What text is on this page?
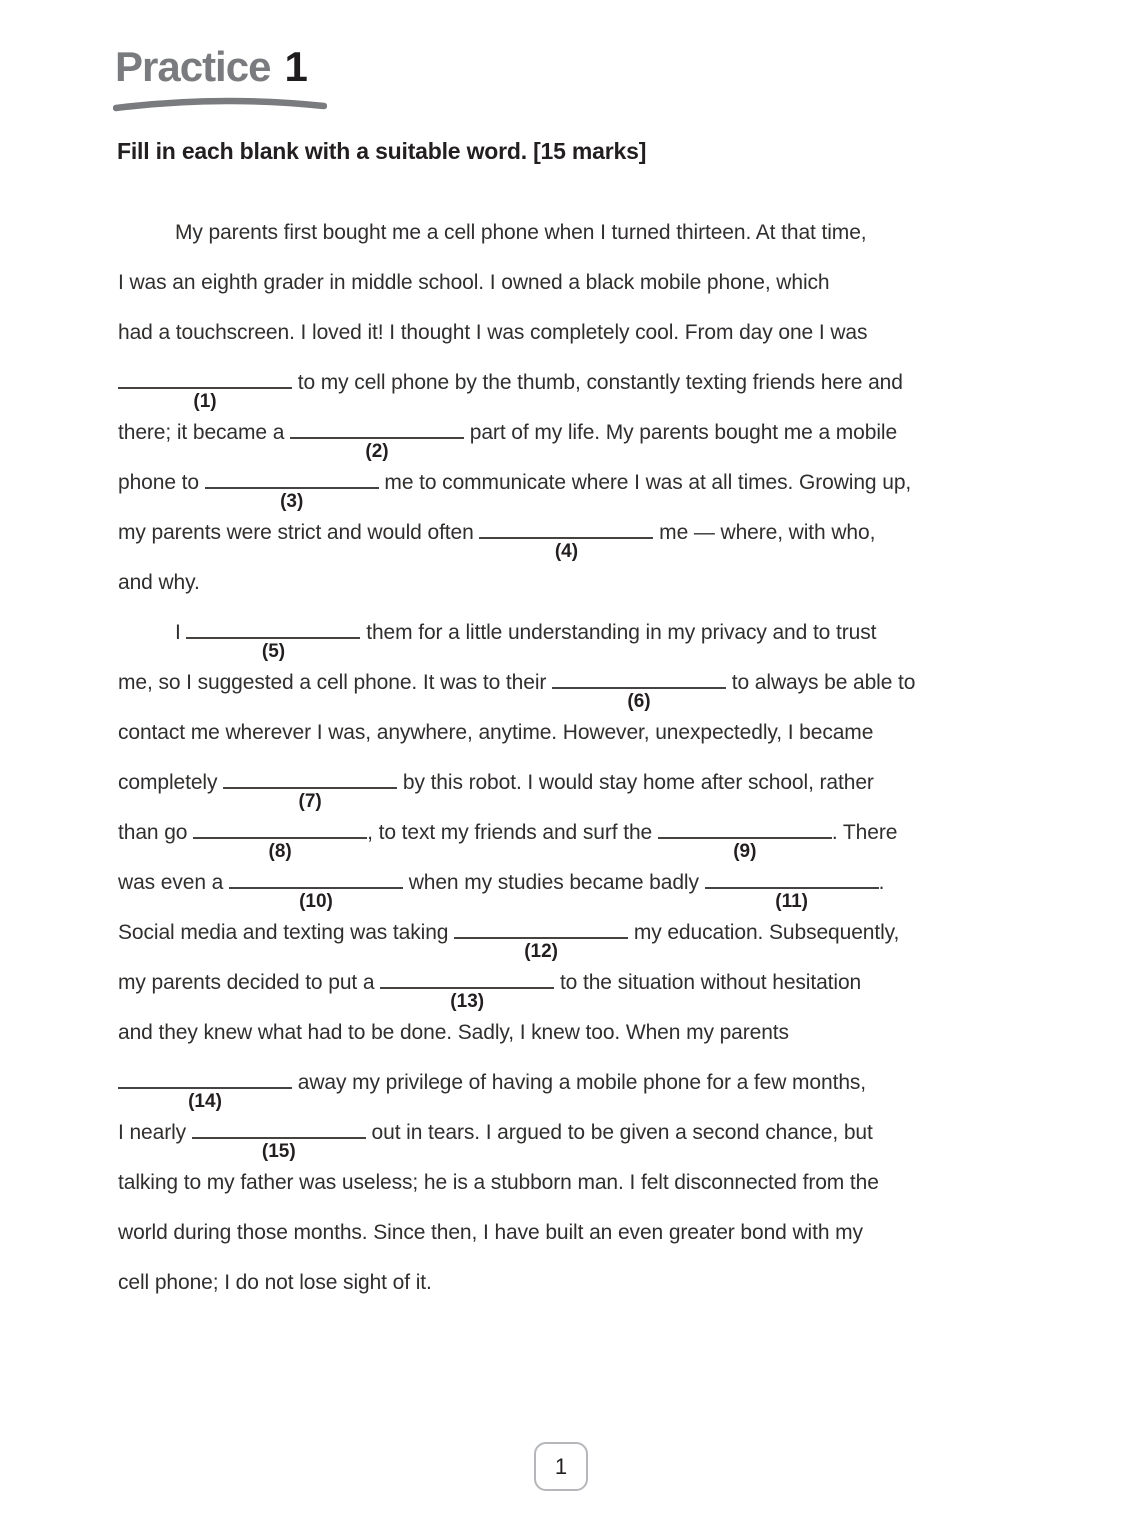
Practice 1
Fill in each blank with a suitable word. [15 marks]
My parents first bought me a cell phone when I turned thirteen. At that time,
I was an eighth grader in middle school. I owned a black mobile phone, which
had a touchscreen. I loved it! I thought I was completely cool. From day one I was
(1)
to my cell phone by the thumb, constantly texting friends here and
there; it became a
(2)
part of my life. My parents bought me a mobile
phone to
(3)
me to communicate where I was at all times. Growing up,
my parents were strict and would often
(4)
me — where, with who,
and why.
I
(5)
them for a little understanding in my privacy and to trust
me, so I suggested a cell phone. It was to their
(6)
to always be able to
contact me wherever I was, anywhere, anytime. However, unexpectedly, I became
completely
(7)
by this robot. I would stay home after school, rather
than go
(8)
, to text my friends and surf the
(9)
. There
was even a
(10)
when my studies became badly
(11)
.
Social media and texting was taking
(12)
my education. Subsequently,
my parents decided to put a
(13)
to the situation without hesitation
and they knew what had to be done. Sadly, I knew too. When my parents
(14)
away my privilege of having a mobile phone for a few months,
I nearly
(15)
out in tears. I argued to be given a second chance, but
talking to my father was useless; he is a stubborn man. I felt disconnected from the
world during those months. Since then, I have built an even greater bond with my
cell phone; I do not lose sight of it.
1
